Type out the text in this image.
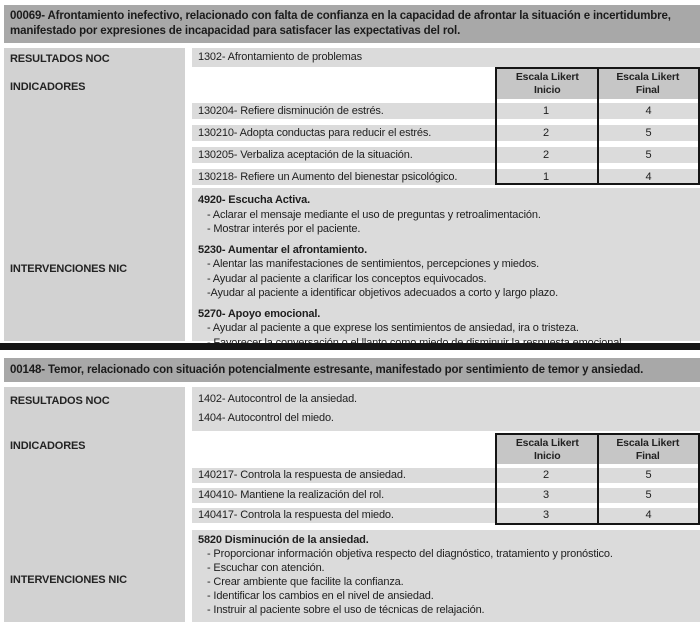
00069- Afrontamiento inefectivo, relacionado con falta de confianza en la capacidad de afrontar la situación e incertidumbre, manifestado por expresiones de incapacidad para satisfacer las expectativas del rol.
RESULTADOS NOC
INDICADORES
INTERVENCIONES NIC
1302- Afrontamiento de problemas
130204- Refiere disminución de estrés.	1	4
130210- Adopta conductas para reducir el estrés.	2	5
130205- Verbaliza aceptación de la situación.	2	5
130218- Refiere un Aumento del bienestar psicológico.	1	4
Escala Likert
Inicio
Escala Likert
Final
4920- Escucha Activa.
- Aclarar el mensaje mediante el uso de preguntas y retroalimentación.
- Mostrar interés por el paciente.
5230- Aumentar el afrontamiento.
- Alentar las manifestaciones de sentimientos, percepciones y miedos.
- Ayudar al paciente a clarificar los conceptos equivocados.
-Ayudar al paciente a identificar objetivos adecuados a corto y largo plazo.
5270- Apoyo emocional.
- Ayudar al paciente a que exprese los sentimientos de ansiedad, ira o tristeza.
00148- Temor, relacionado con situación potencialmente estresante, manifestado por sentimiento de temor y ansiedad.
RESULTADOS NOC
INDICADORES
INTERVENCIONES NIC
1402- Autocontrol de la ansiedad.
1404- Autocontrol del miedo.
140217- Controla la respuesta de ansiedad.	2	5
140410- Mantiene la realización del rol.	3	5
140417- Controla la respuesta del miedo.	3	4
Escala Likert
Inicio
Escala Likert
Final
5820 Disminución de la ansiedad.
- Proporcionar información objetiva respecto del diagnóstico, tratamiento y pronóstico.
- Escuchar con atención.
- Crear ambiente que facilite la confianza.
- Identificar los cambios en el nivel de ansiedad.
- Instruir al paciente sobre el uso de técnicas de relajación.
